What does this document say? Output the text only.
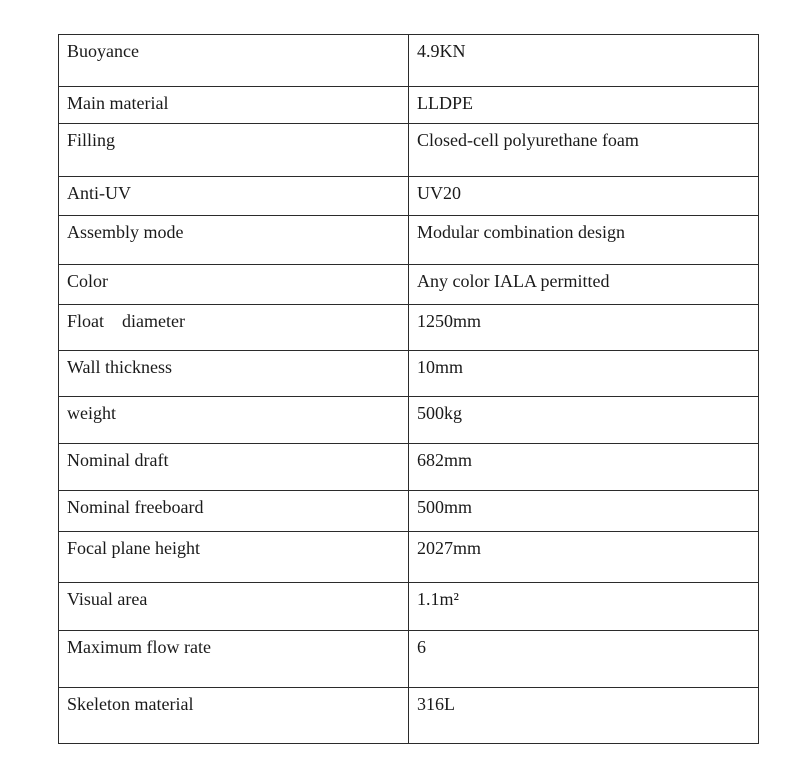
Buoyance	4.9KN
Main material	LLDPE
Filling	Closed-cell polyurethane foam
Anti-UV	UV20
Assembly mode	Modular combination design
Color	Any color IALA permitted
Float    diameter	1250mm
Wall thickness	10mm
weight	500kg
Nominal draft	682mm
Nominal freeboard	500mm
Focal plane height	2027mm
Visual area	1.1m²
Maximum flow rate	6
Skeleton material	316L
